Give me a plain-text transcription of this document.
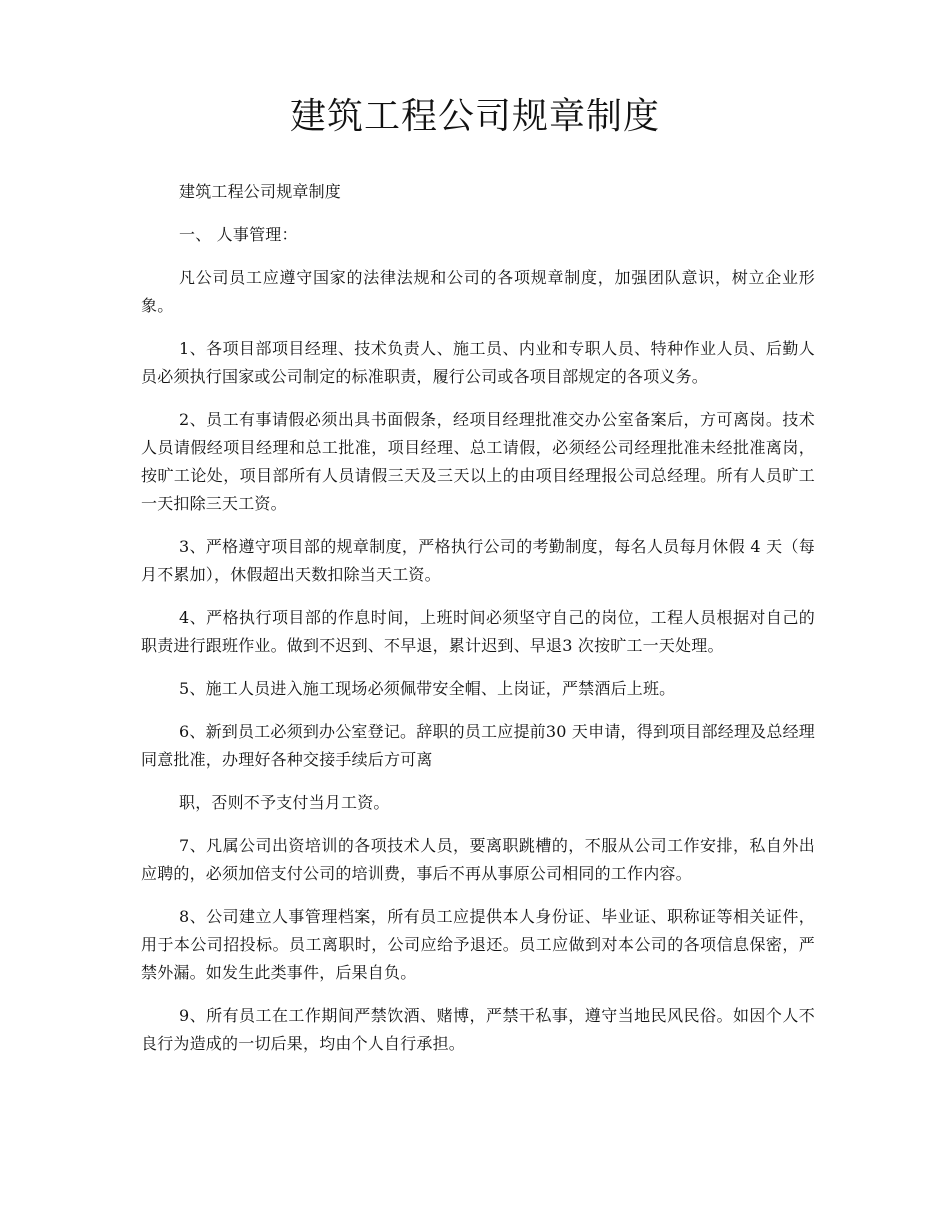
建筑工程公司规章制度

建筑工程公司规章制度

一、 人事管理：

凡公司员工应遵守国家的法律法规和公司的各项规章制度，加强团队意识，树立企业形象。

1、各项目部项目经理、技术负责人、施工员、内业和专职人员、特种作业人员、后勤人员必须执行国家或公司制定的标准职责，履行公司或各项目部规定的各项义务。

2、员工有事请假必须出具书面假条，经项目经理批准交办公室备案后，方可离岗。技术人员请假经项目经理和总工批准，项目经理、总工请假，必须经公司经理批准未经批准离岗，按旷工论处，项目部所有人员请假三天及三天以上的由项目经理报公司总经理。所有人员旷工一天扣除三天工资。

3、严格遵守项目部的规章制度，严格执行公司的考勤制度，每名人员每月休假 4 天（每月不累加），休假超出天数扣除当天工资。

4、严格执行项目部的作息时间，上班时间必须坚守自己的岗位，工程人员根据对自己的职责进行跟班作业。做到不迟到、不早退，累计迟到、早退3 次按旷工一天处理。

5、施工人员进入施工现场必须佩带安全帽、上岗证，严禁酒后上班。

6、新到员工必须到办公室登记。辞职的员工应提前30 天申请，得到项目部经理及总经理同意批准，办理好各种交接手续后方可离

职，否则不予支付当月工资。

7、凡属公司出资培训的各项技术人员，要离职跳槽的，不服从公司工作安排，私自外出应聘的，必须加倍支付公司的培训费，事后不再从事原公司相同的工作内容。

8、公司建立人事管理档案，所有员工应提供本人身份证、毕业证、职称证等相关证件，用于本公司招投标。员工离职时，公司应给予退还。员工应做到对本公司的各项信息保密，严禁外漏。如发生此类事件，后果自负。

9、所有员工在工作期间严禁饮酒、赌博，严禁干私事，遵守当地民风民俗。如因个人不良行为造成的一切后果，均由个人自行承担。
